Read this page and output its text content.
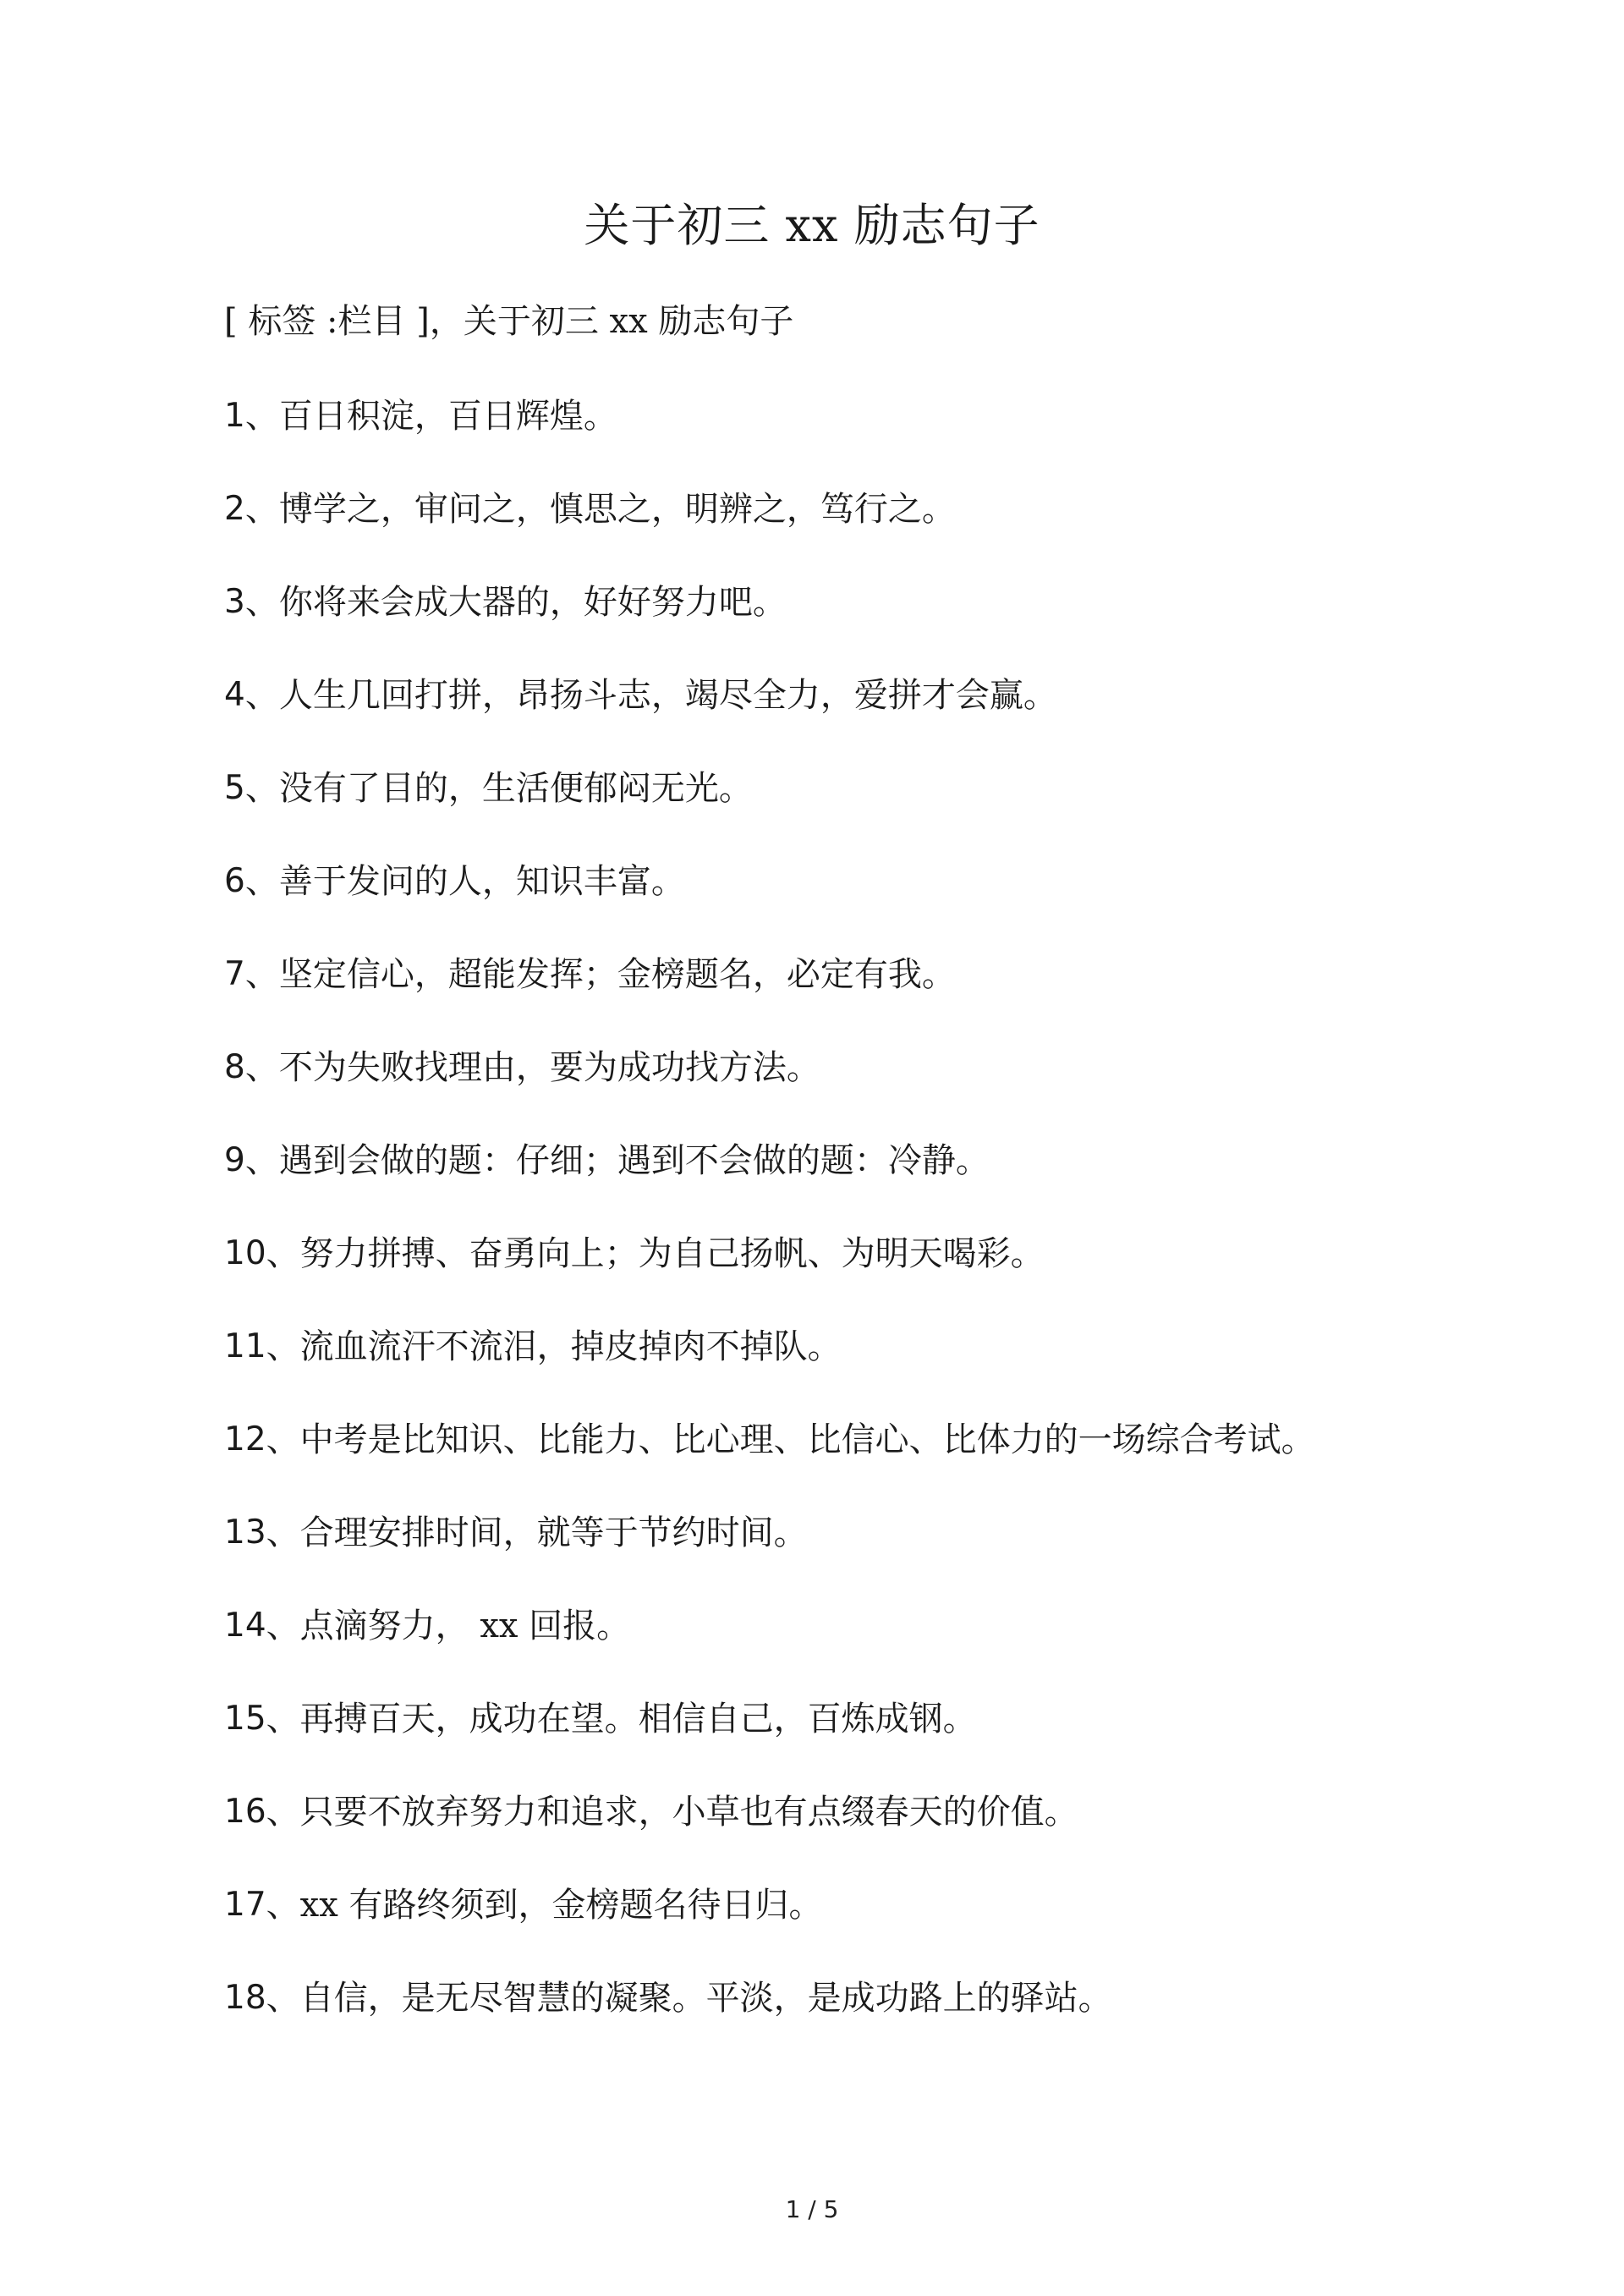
关于初三 xx 励志句子
[ 标签 :栏目 ]，关于初三 xx 励志句子
1 、 百日积淀，百日辉煌。
2 、 博学之，审问之，慎思之，明辨之，笃行之。
3 、 你将来会成大器的，好好努力吧。
4 、 人生几回打拼，昂扬斗志，竭尽全力，爱拼才会赢。
5 、 没有了目的，生活便郁闷无光。
6 、 善于发问的人，知识丰富。
7 、 坚定信心，超能发挥；金榜题名，必定有我。
8 、 不为失败找理由，要为成功找方法。
9 、 遇到会做的题：仔细；遇到不会做的题：冷静。
10 、 努力拼搏、奋勇向上；为自己扬帆、为明天喝彩。
11 、 流血流汗不流泪，掉皮掉肉不掉队。
12 、 中考是比知识、比能力、比心理、比信心、比体力的一场综合考试。
13 、 合理安排时间，就等于节约时间。
14 、 点滴努力， xx 回报。
15 、 再搏百天，成功在望。相信自己，百炼成钢。
16 、 只要不放弃努力和追求，小草也有点缀春天的价值。
17 、 xx 有路终须到，金榜题名待日归。
18 、 自信，是无尽智慧的凝聚。平淡，是成功路上的驿站。
1 / 5
